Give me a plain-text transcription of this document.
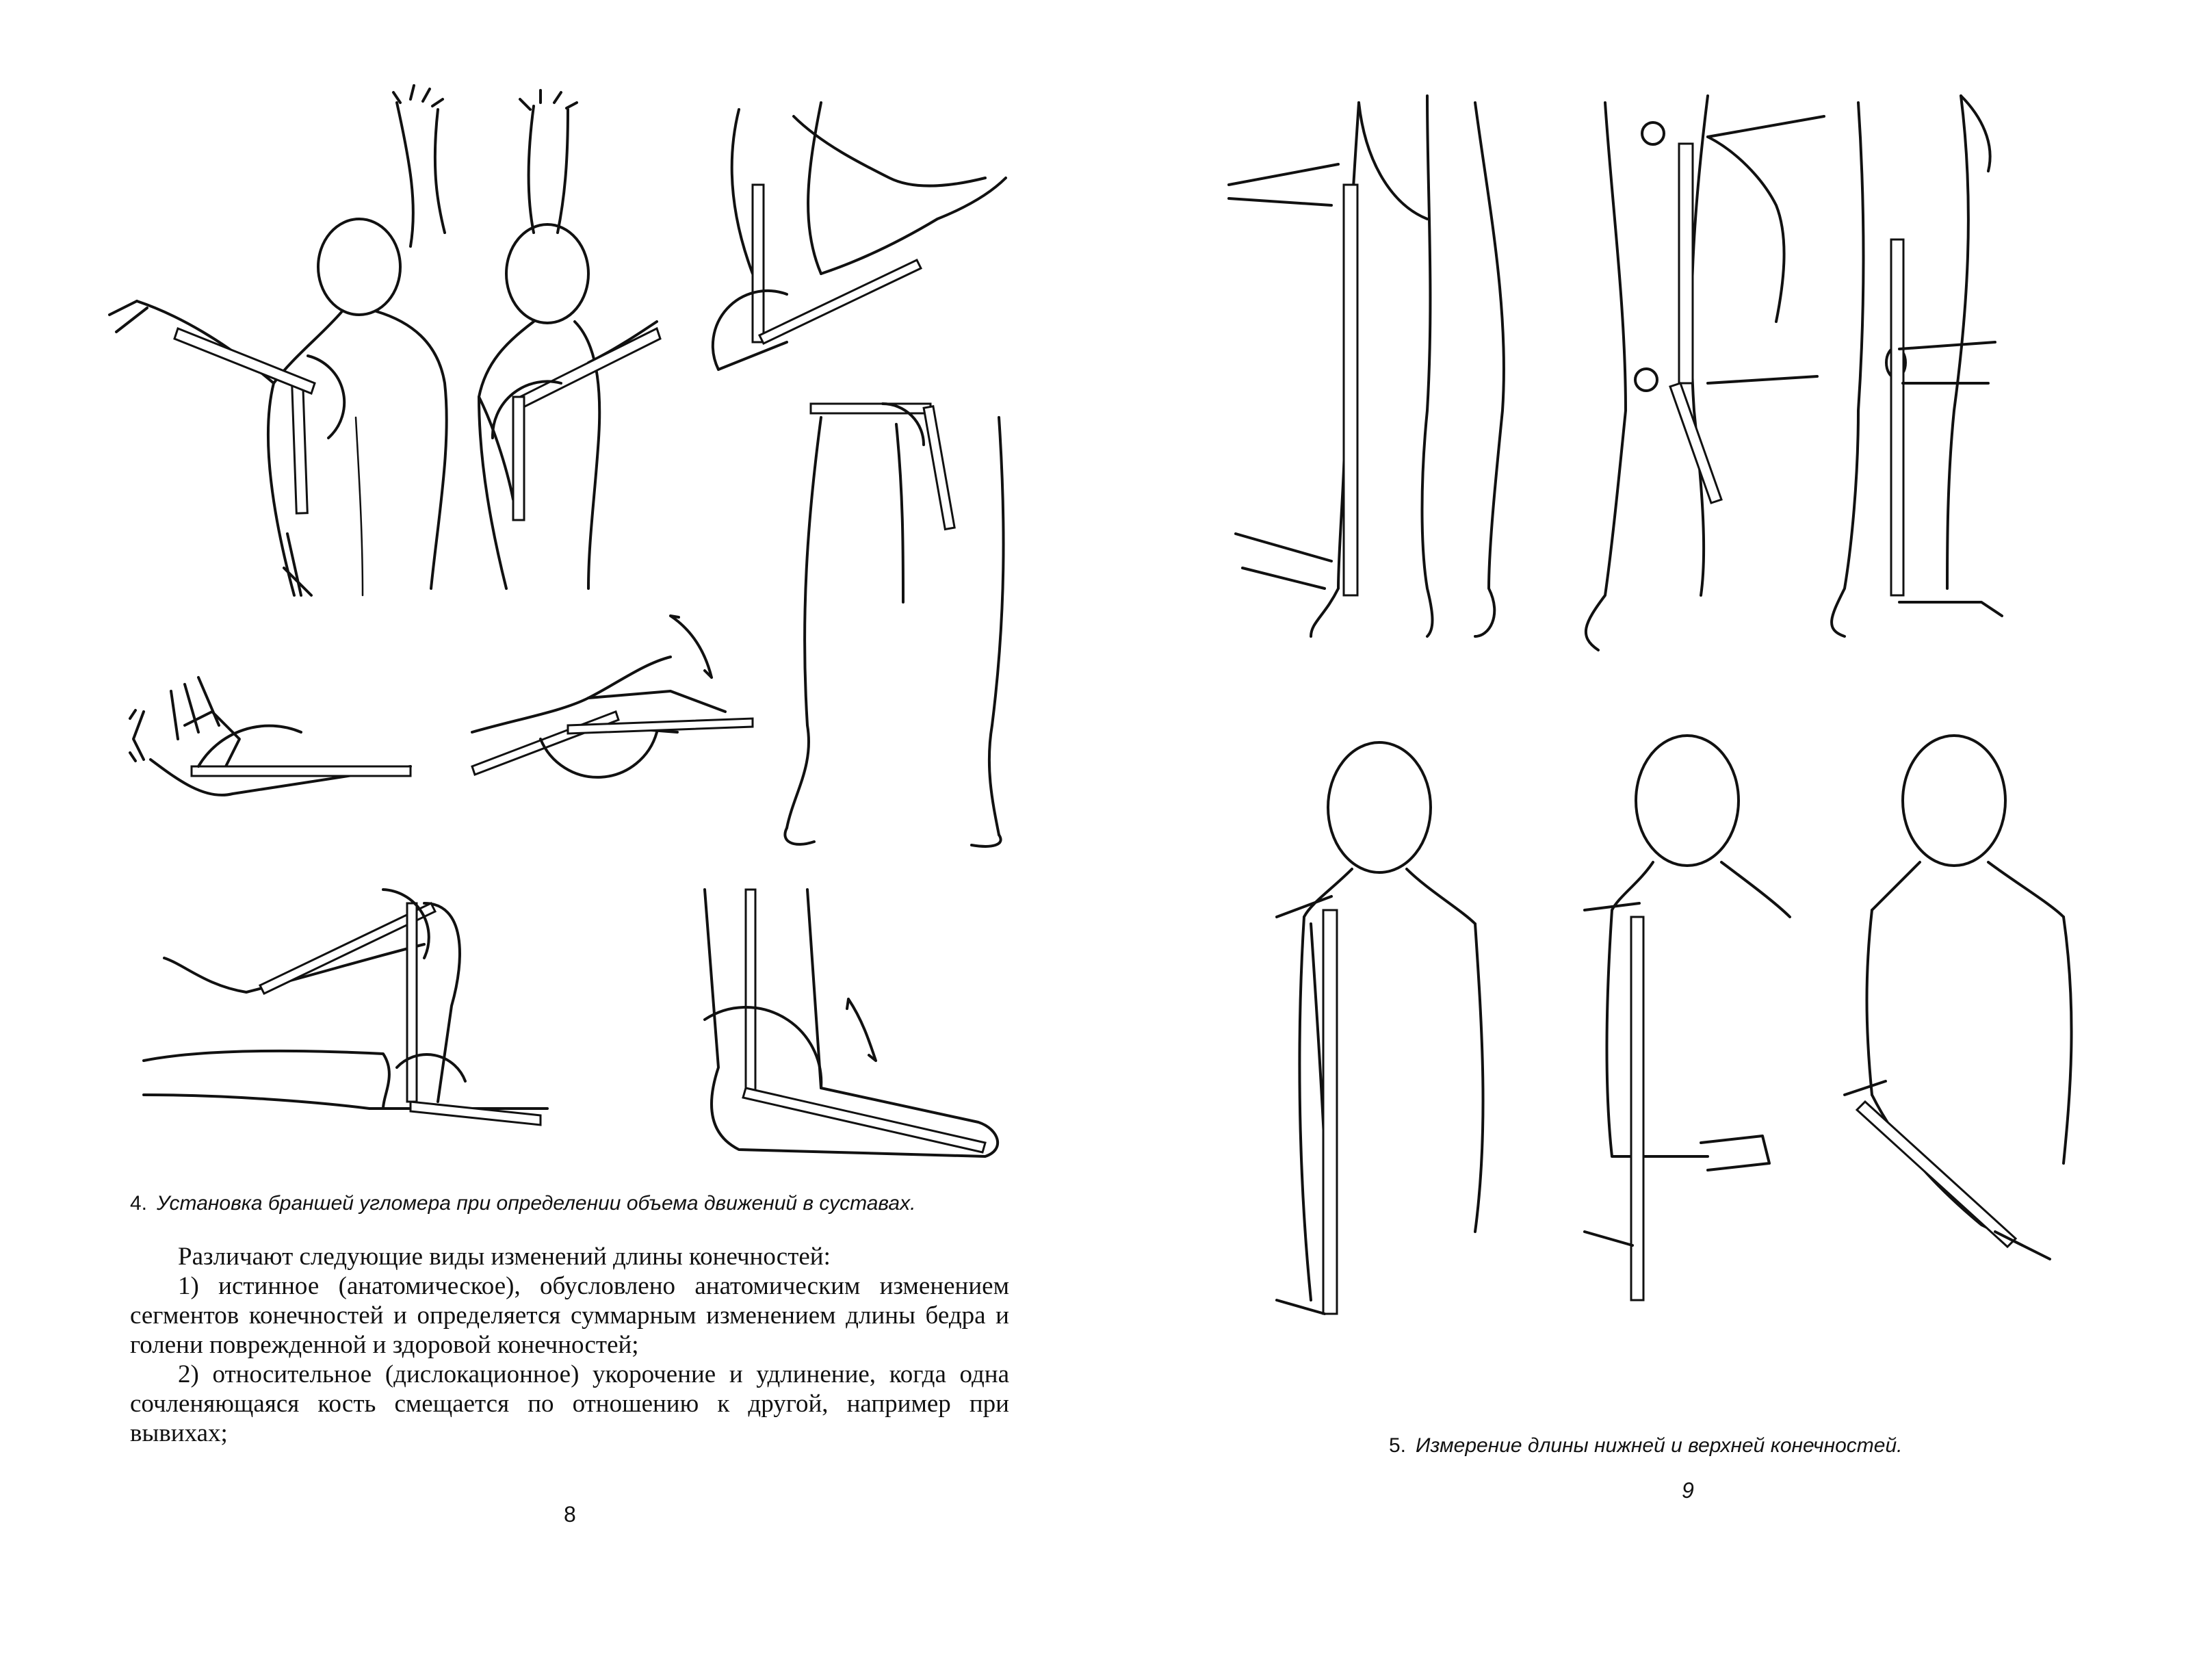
4. Установка браншей угломера при определении объема движений в суставах.

Различают следующие виды изменений длины конечностей:

1) истинное (анатомическое), обусловлено анатомическим изменением сегментов конечностей и определяется суммарным изменением длины бедра и голени поврежденной и здоровой конечностей;

2) относительное (дислокационное) укорочение и удлинение, когда одна сочленяющаяся кость смещается по отношению к другой, например при вывихах;

8
5. Измерение длины нижней и верхней конечностей.
9
